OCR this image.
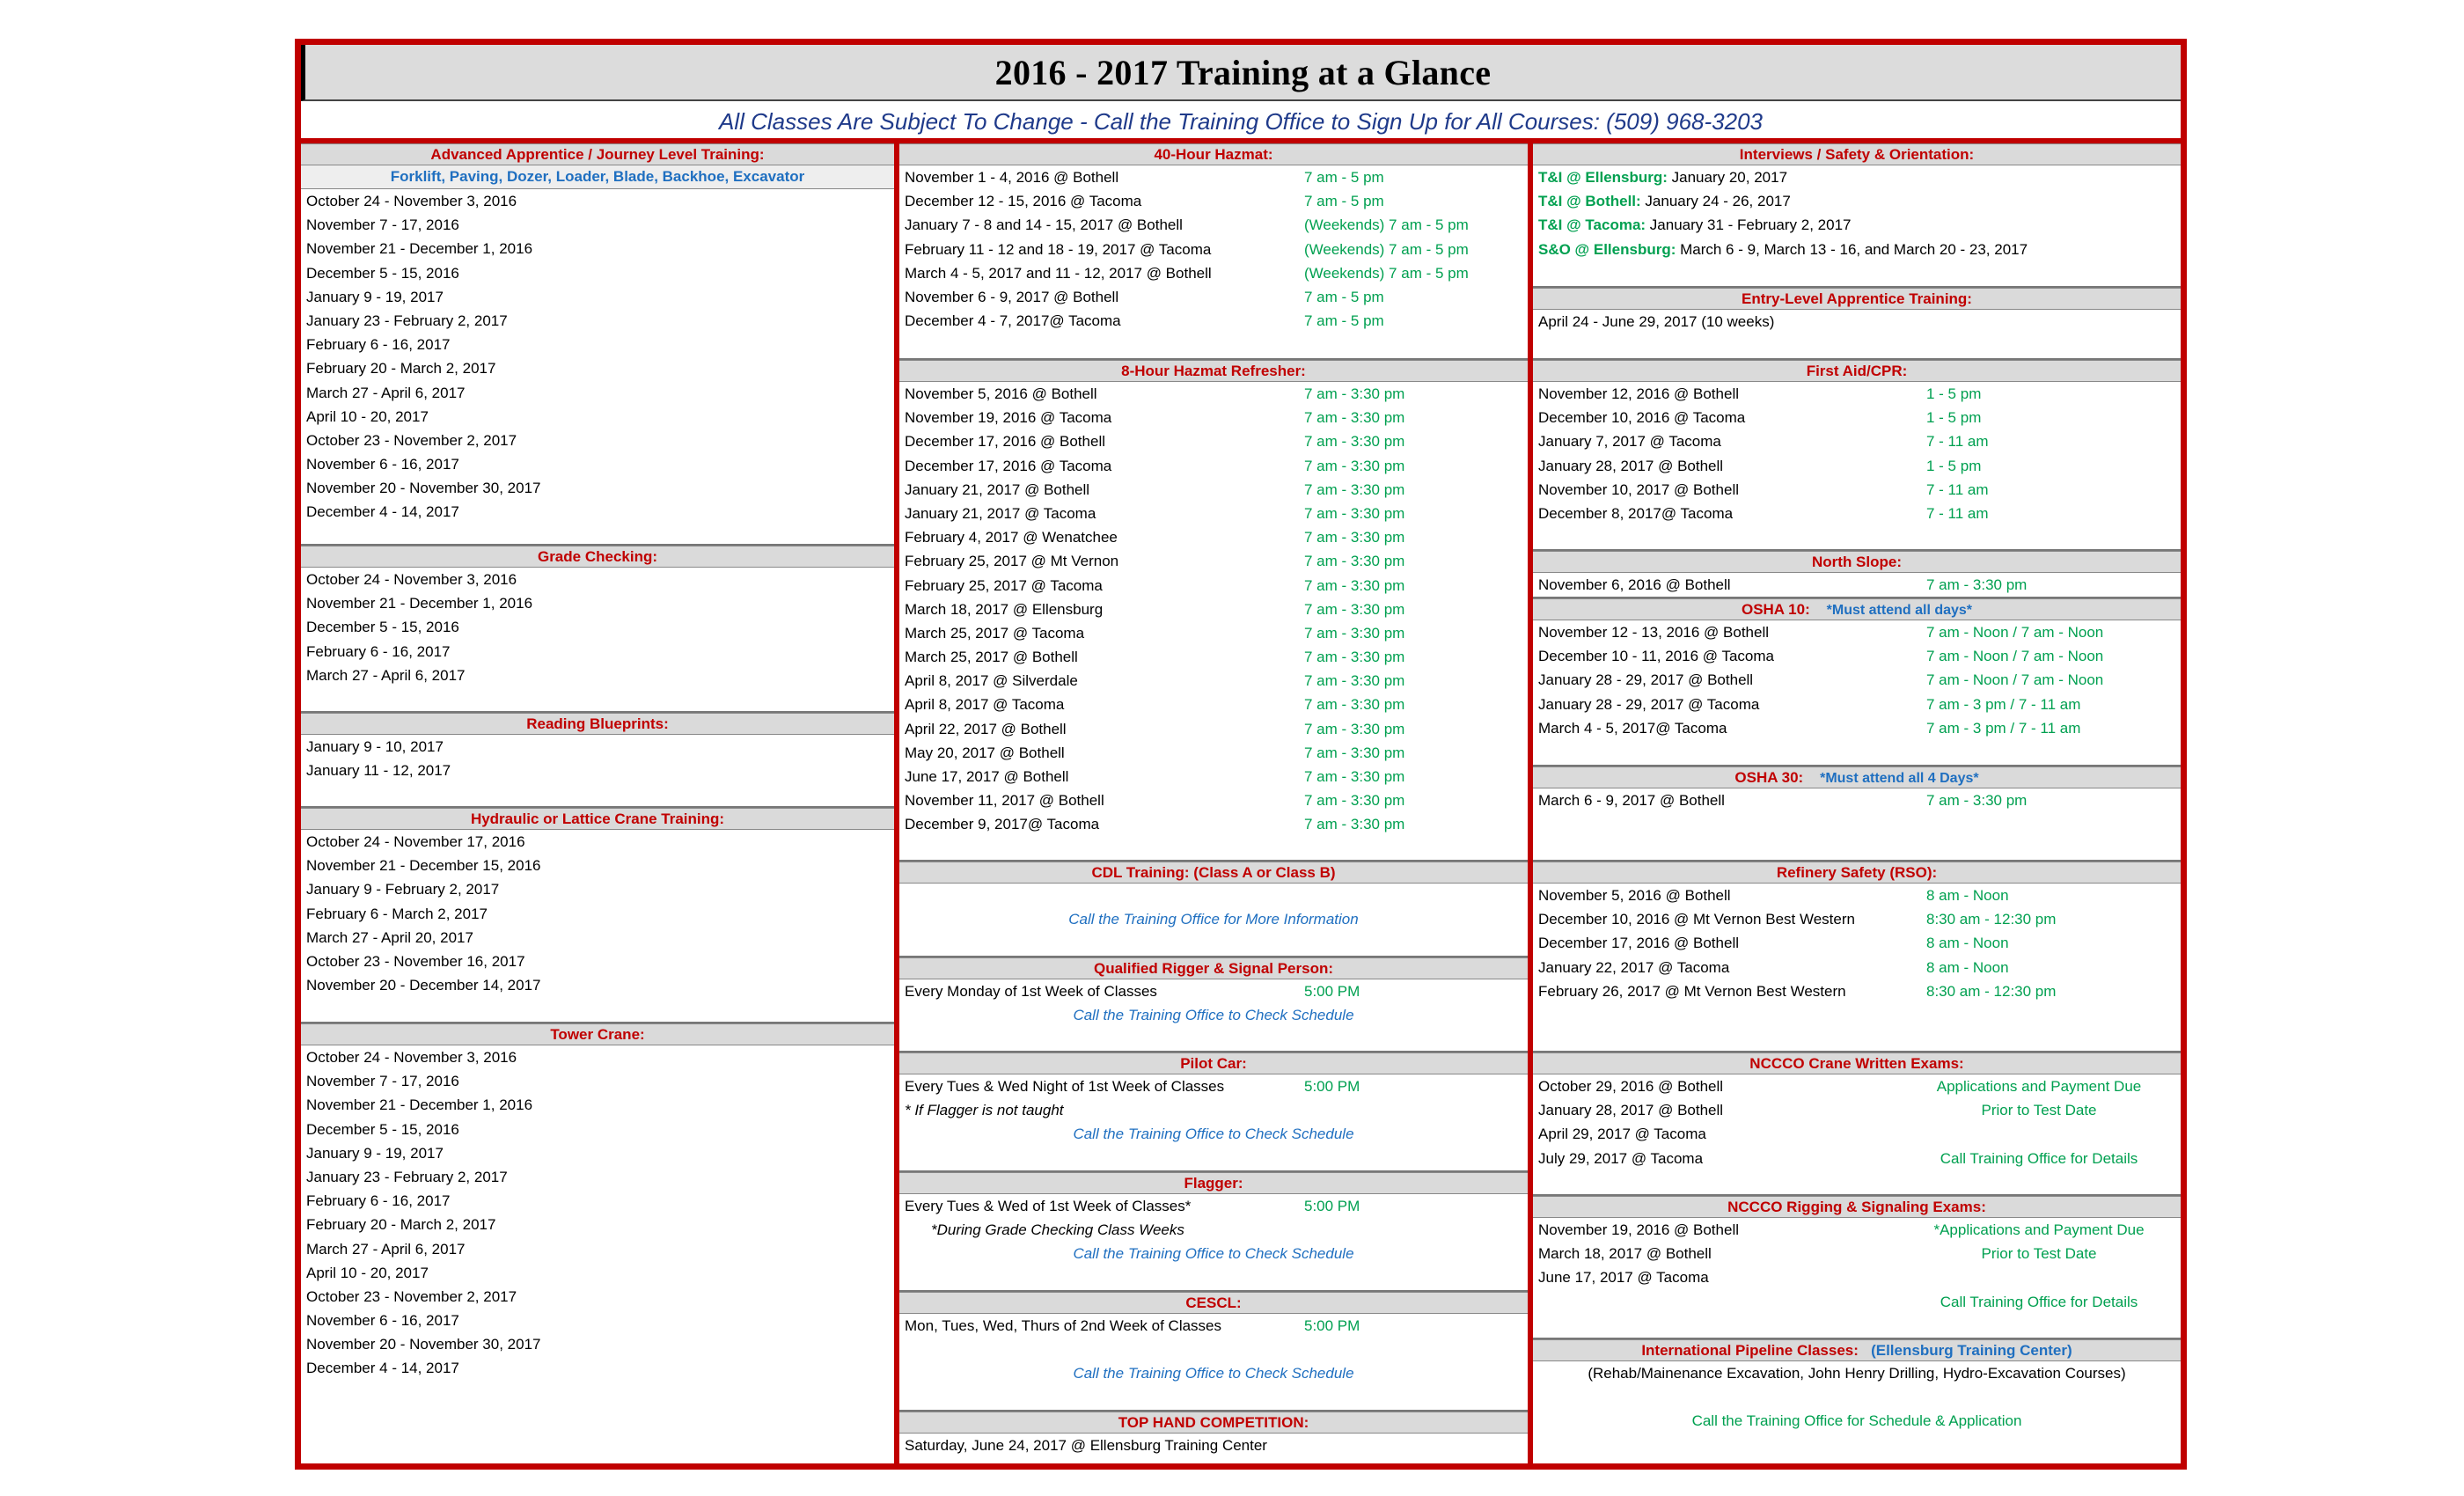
2016 - 2017 Training at a Glance
All Classes Are Subject To Change - Call the Training Office to Sign Up for All Courses: (509) 968-3203
Advanced Apprentice / Journey Level Training:
Forklift, Paving, Dozer, Loader, Blade, Backhoe, Excavator
October 24 - November 3, 2016
November 7 - 17, 2016
November 21 - December 1, 2016
December 5 - 15, 2016
January 9 - 19, 2017
January 23 - February 2, 2017
February 6 - 16, 2017
February 20 - March 2, 2017
March 27 - April 6, 2017
April 10 - 20, 2017
October 23 - November 2, 2017
November 6 - 16, 2017
November 20 - November 30, 2017
December 4 - 14, 2017
Grade Checking:
October 24 - November 3, 2016
November 21 - December 1, 2016
December 5 - 15, 2016
February 6 - 16, 2017
March 27 - April 6, 2017
Reading Blueprints:
January 9 - 10, 2017
January 11 - 12, 2017
Hydraulic or Lattice Crane Training:
October 24 - November 17, 2016
November 21 - December 15, 2016
January 9 - February 2, 2017
February 6 - March 2, 2017
March 27 - April 20, 2017
October 23 - November 16, 2017
November 20 - December 14, 2017
Tower Crane:
October 24 - November 3, 2016
November 7 - 17, 2016
November 21 - December 1, 2016
December 5 - 15, 2016
January 9 - 19, 2017
January 23 - February 2, 2017
February 6 - 16, 2017
February 20 - March 2, 2017
March 27 - April 6, 2017
April 10 - 20, 2017
October 23 - November 2, 2017
November 6 - 16, 2017
November 20 - November 30, 2017
December 4 - 14, 2017
40-Hour Hazmat:
November 1 - 4, 2016 @ Bothell	7 am - 5 pm
December 12 - 15, 2016 @ Tacoma	7 am - 5 pm
January 7 - 8 and 14 - 15, 2017 @ Bothell	(Weekends) 7 am - 5 pm
February 11 - 12 and 18 - 19, 2017 @ Tacoma	(Weekends) 7 am - 5 pm
March 4 - 5, 2017 and 11 - 12, 2017 @ Bothell	(Weekends) 7 am - 5 pm
November 6 - 9, 2017 @ Bothell	7 am - 5 pm
December 4 - 7, 2017@ Tacoma	7 am - 5 pm
8-Hour Hazmat Refresher:
November 5, 2016 @ Bothell	7 am - 3:30 pm
November 19, 2016 @ Tacoma	7 am - 3:30 pm
December 17, 2016 @ Bothell	7 am - 3:30 pm
December 17, 2016 @ Tacoma	7 am - 3:30 pm
January 21, 2017 @ Bothell	7 am - 3:30 pm
January 21, 2017 @ Tacoma	7 am - 3:30 pm
February 4, 2017 @ Wenatchee	7 am - 3:30 pm
February 25, 2017 @ Mt Vernon	7 am - 3:30 pm
February 25, 2017 @ Tacoma	7 am - 3:30 pm
March 18, 2017 @ Ellensburg	7 am - 3:30 pm
March 25, 2017 @ Tacoma	7 am - 3:30 pm
March 25, 2017 @ Bothell	7 am - 3:30 pm
April 8, 2017 @ Silverdale	7 am - 3:30 pm
April 8, 2017 @ Tacoma	7 am - 3:30 pm
April 22, 2017 @ Bothell	7 am - 3:30 pm
May 20, 2017 @ Bothell	7 am - 3:30 pm
June 17, 2017 @ Bothell	7 am - 3:30 pm
November 11, 2017 @ Bothell	7 am - 3:30 pm
December 9, 2017@ Tacoma	7 am - 3:30 pm
CDL Training: (Class A or Class B)
Call the Training Office for More Information
Qualified Rigger & Signal Person:
Every Monday of 1st Week of Classes	5:00 PM
Call the Training Office to Check Schedule
Pilot Car:
Every Tues & Wed Night of 1st Week of Classes	5:00 PM
* If Flagger is not taught
Call the Training Office to Check Schedule
Flagger:
Every Tues & Wed of 1st Week of Classes*	5:00 PM
*During Grade Checking Class Weeks
Call the Training Office to Check Schedule
CESCL:
Mon, Tues, Wed, Thurs of 2nd Week of Classes	5:00 PM
Call the Training Office to Check Schedule
TOP HAND COMPETITION:
Saturday, June 24, 2017 @ Ellensburg Training Center
Interviews / Safety & Orientation:
T&I @ Ellensburg: January 20, 2017
T&I @ Bothell: January 24 - 26, 2017
T&I @ Tacoma: January 31 - February 2, 2017
S&O @ Ellensburg: March 6 - 9, March 13 - 16, and March 20 - 23, 2017
Entry-Level Apprentice Training:
April 24 - June 29, 2017 (10 weeks)
First Aid/CPR:
November 12, 2016 @ Bothell	1 - 5 pm
December 10, 2016 @ Tacoma	1 - 5 pm
January 7, 2017 @ Tacoma	7 - 11 am
January 28, 2017 @ Bothell	1 - 5 pm
November 10, 2017 @ Bothell	7 - 11 am
December 8, 2017@ Tacoma	7 - 11 am
North Slope:
November 6, 2016 @ Bothell	7 am - 3:30 pm
OSHA 10: *Must attend all days*
November 12 - 13, 2016 @ Bothell	7 am - Noon / 7 am - Noon
December 10 - 11, 2016 @ Tacoma	7 am - Noon / 7 am - Noon
January 28 - 29, 2017 @ Bothell	7 am - Noon / 7 am - Noon
January 28 - 29, 2017 @ Tacoma	7 am - 3 pm / 7 - 11 am
March 4 - 5, 2017@ Tacoma	7 am - 3 pm / 7 - 11 am
OSHA 30: *Must attend all 4 Days*
March 6 - 9, 2017 @ Bothell	7 am - 3:30 pm
Refinery Safety (RSO):
November 5, 2016 @ Bothell	8 am - Noon
December 10, 2016 @ Mt Vernon Best Western	8:30 am - 12:30 pm
December 17, 2016 @ Bothell	8 am - Noon
January 22, 2017 @ Tacoma	8 am - Noon
February 26, 2017 @ Mt Vernon Best Western	8:30 am - 12:30 pm
NCCCO Crane Written Exams:
October 29, 2016 @ Bothell	Applications and Payment Due
January 28, 2017 @ Bothell	Prior to Test Date
April 29, 2017 @ Tacoma
July 29, 2017 @ Tacoma	Call Training Office for Details
NCCCO Rigging & Signaling Exams:
November 19, 2016 @ Bothell	*Applications and Payment Due
March 18, 2017 @ Bothell	Prior to Test Date
June 17, 2017 @ Tacoma
Call Training Office for Details
International Pipeline Classes: (Ellensburg Training Center)
(Rehab/Mainenance Excavation, John Henry Drilling, Hydro-Excavation Courses)
Call the Training Office for Schedule & Application
